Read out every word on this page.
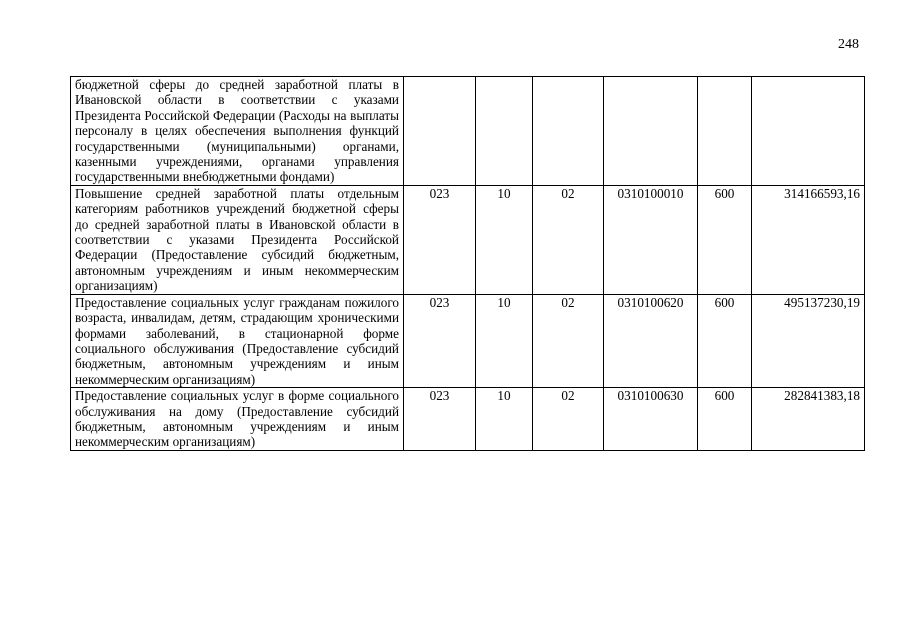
248
бюджетной сферы до средней заработной платы в Ивановской области в соответствии с указами Президента Российской Федерации (Расходы на выплаты персоналу в целях обеспечения выполнения функций государственными (муниципальными) органами, казенными учреждениями, органами управления государственными внебюджетными фондами)						
Повышение средней заработной платы отдельным категориям работников учреждений бюджетной сферы до средней заработной платы в Ивановской области в соответствии с указами Президента Российской Федерации (Предоставление субсидий бюджетным, автономным учреждениям и иным некоммерческим организациям)	023	10	02	0310100010	600	314166593,16
Предоставление социальных услуг гражданам пожилого возраста, инвалидам, детям, страдающим хроническими формами заболеваний, в стационарной форме социального обслуживания (Предоставление субсидий бюджетным, автономным учреждениям и иным некоммерческим организациям)	023	10	02	0310100620	600	495137230,19
Предоставление социальных услуг в форме социального обслуживания на дому (Предоставление субсидий бюджетным, автономным учреждениям и иным некоммерческим организациям)	023	10	02	0310100630	600	282841383,18
